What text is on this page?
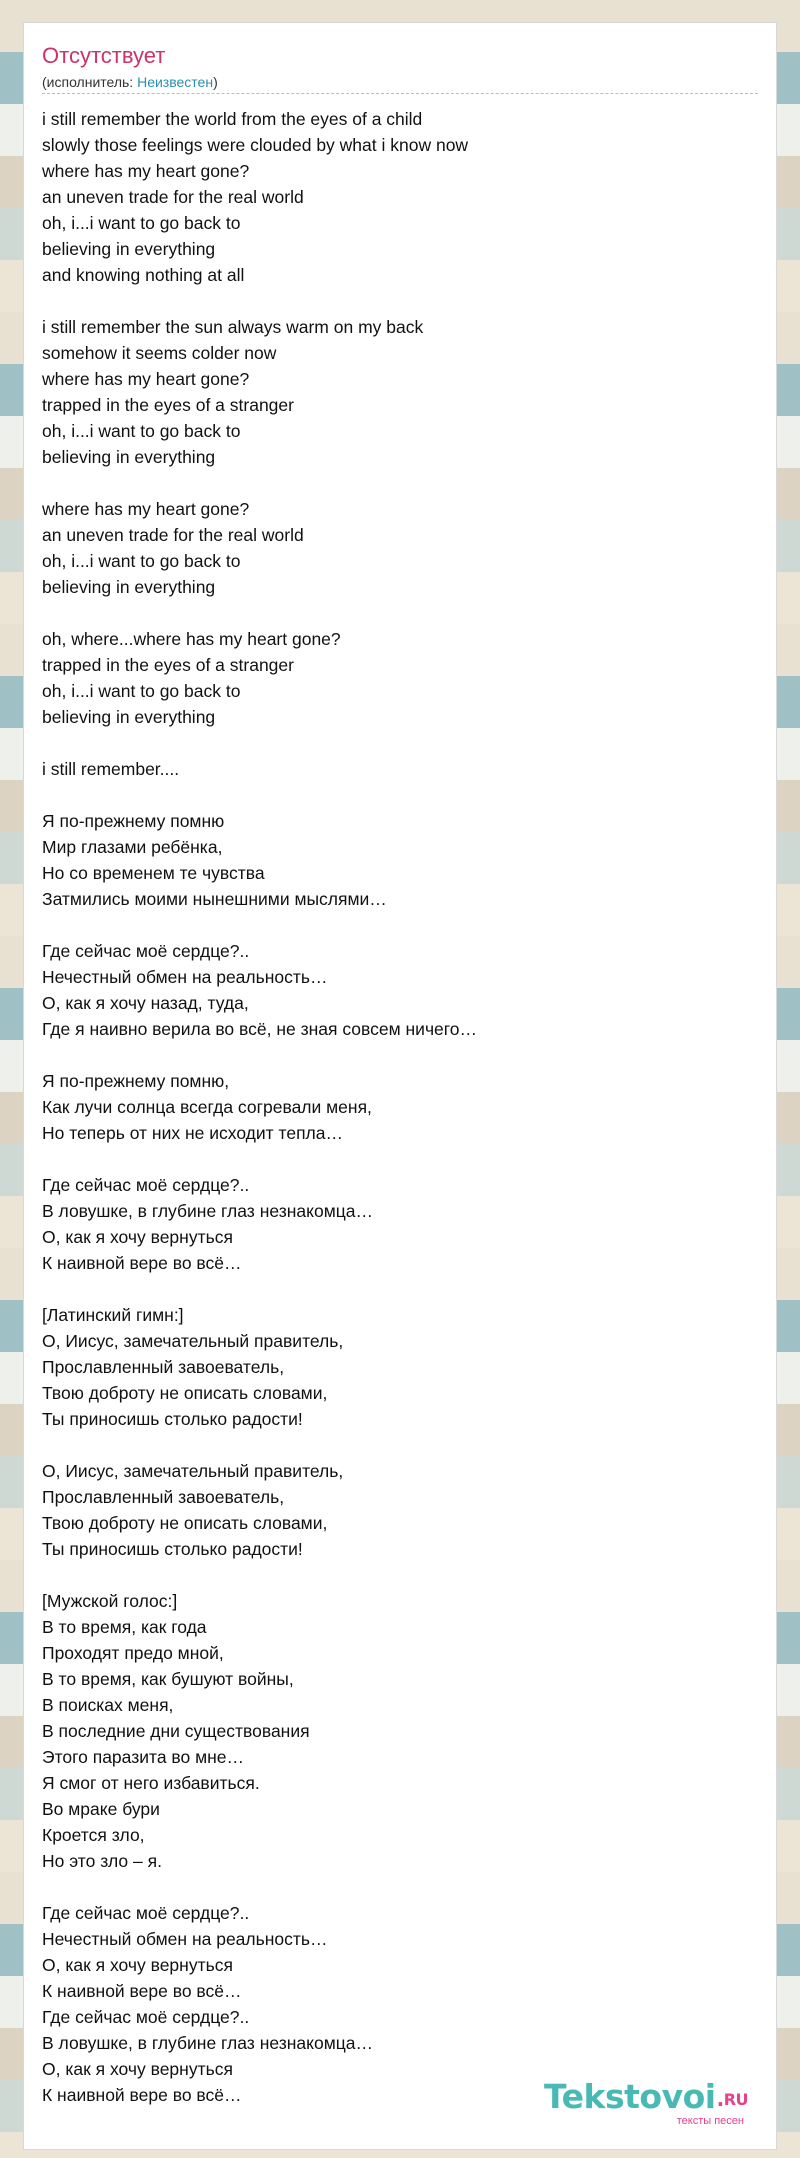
Отсутствует
(исполнитель: Неизвестен)
i still remember the world from the eyes of a child
slowly those feelings were clouded by what i know now
where has my heart gone?
an uneven trade for the real world
oh, i...i want to go back to
believing in everything
and knowing nothing at all

i still remember the sun always warm on my back
somehow it seems colder now
where has my heart gone?
trapped in the eyes of a stranger
oh, i...i want to go back to
believing in everything

where has my heart gone?
an uneven trade for the real world
oh, i...i want to go back to
believing in everything

oh, where...where has my heart gone?
trapped in the eyes of a stranger
oh, i...i want to go back to
believing in everything

i still remember....

Я по-прежнему помню
Мир глазами ребёнка,
Но со временем те чувства
Затмились моими нынешними мыслями…

Где сейчас моё сердце?..
Нечестный обмен на реальность…
О, как я хочу назад, туда,
Где я наивно верила во всё, не зная совсем ничего…

Я по-прежнему помню,
Как лучи солнца всегда согревали меня,
Но теперь от них не исходит тепла…

Где сейчас моё сердце?..
В ловушке, в глубине глаз незнакомца…
О, как я хочу вернуться
К наивной вере во всё…

[Латинский гимн:]
О, Иисус, замечательный правитель,
Прославленный завоеватель,
Твою доброту не описать словами,
Ты приносишь столько радости!

О, Иисус, замечательный правитель,
Прославленный завоеватель,
Твою доброту не описать словами,
Ты приносишь столько радости!

[Мужской голос:]
В то время, как года
Проходят предо мной,
В то время, как бушуют войны,
В поисках меня,
В последние дни существования
Этого паразита во мне…
Я смог от него избавиться.
Во мраке бури
Кроется зло,
Но это зло – я.

Где сейчас моё сердце?..
Нечестный обмен на реальность…
О, как я хочу вернуться
К наивной вере во всё…
Где сейчас моё сердце?..
В ловушке, в глубине глаз незнакомца…
О, как я хочу вернуться
К наивной вере во всё…	Tekstovoi.RU
тексты песен
